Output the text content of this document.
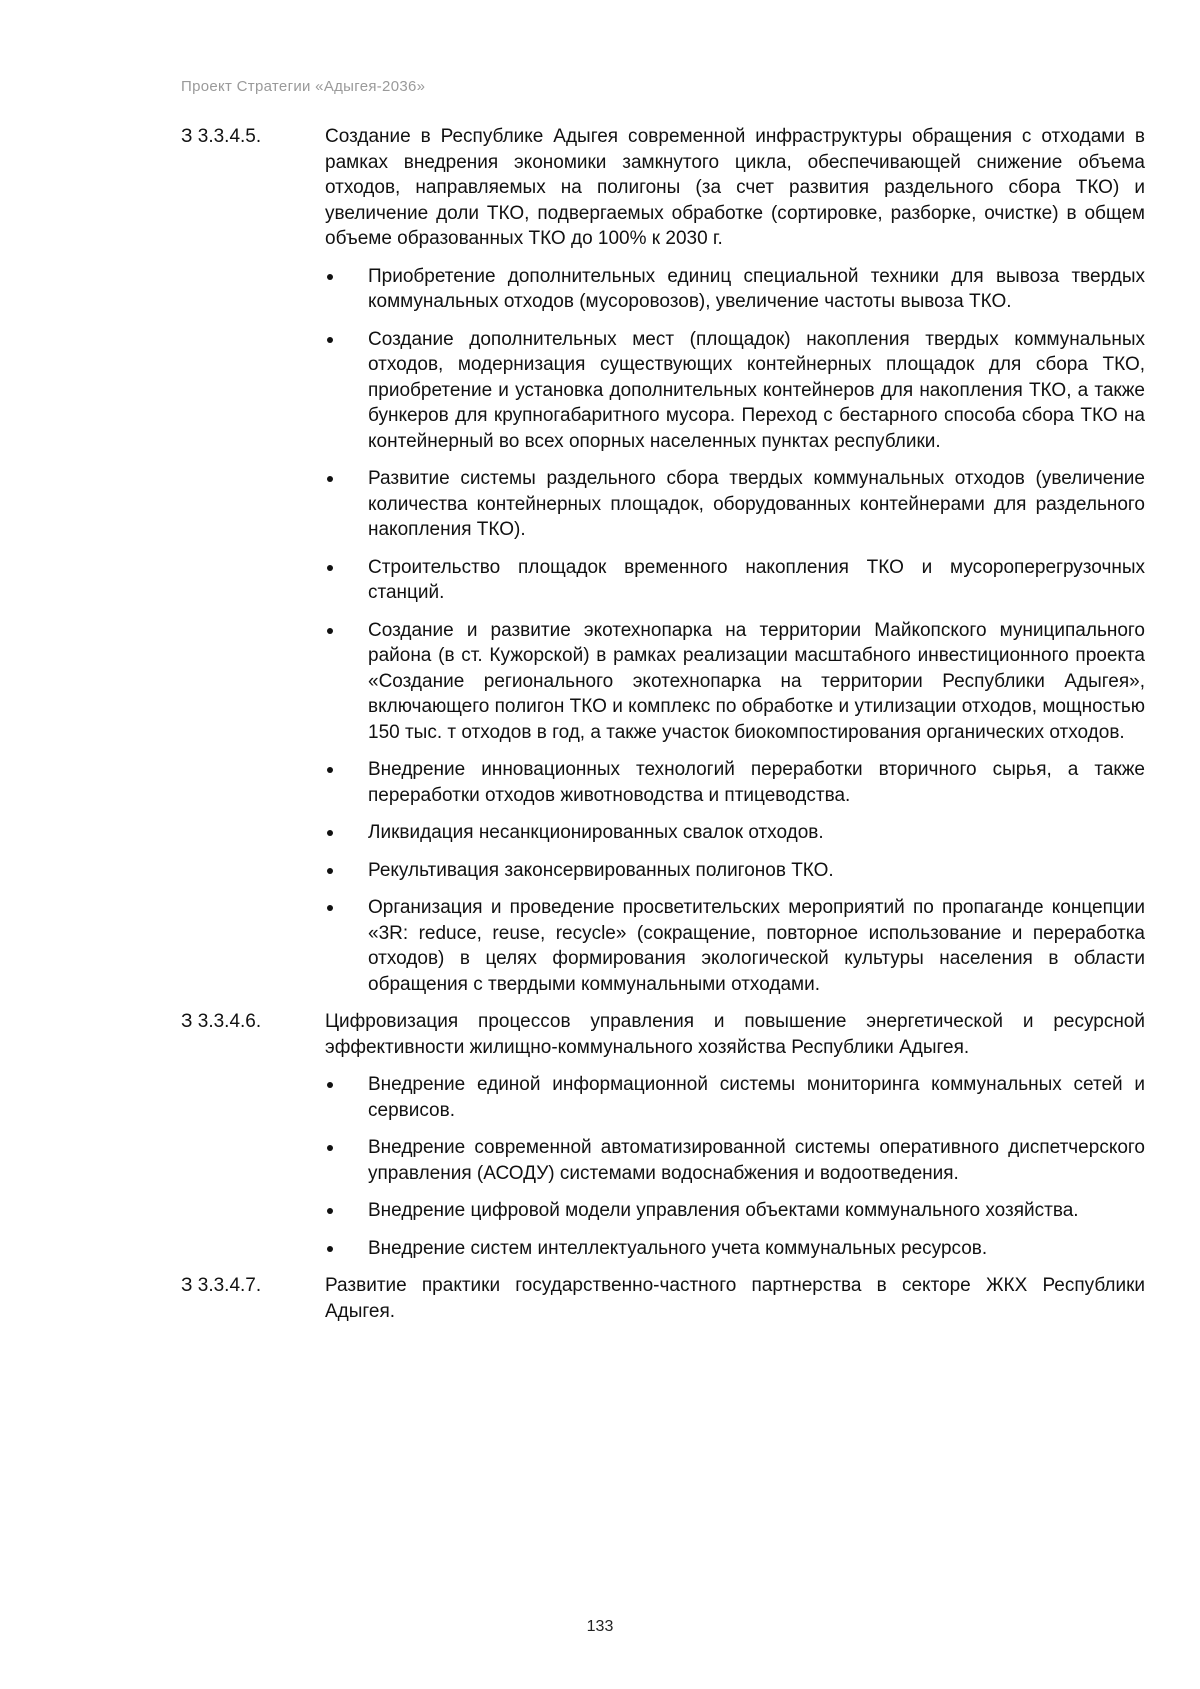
Проект Стратегии «Адыгея-2036»
З 3.3.4.5.	Создание в Республике Адыгея современной инфраструктуры обращения с отходами в рамках внедрения экономики замкнутого цикла, обеспечивающей снижение объема отходов, направляемых на полигоны (за счет развития раздельного сбора ТКО) и увеличение доли ТКО, подвергаемых обработке (сортировке, разборке, очистке) в общем объеме образованных ТКО до 100% к 2030 г.
Приобретение дополнительных единиц специальной техники для вывоза твердых коммунальных отходов (мусоровозов), увеличение частоты вывоза ТКО.
Создание дополнительных мест (площадок) накопления твердых коммунальных отходов, модернизация существующих контейнерных площадок для сбора ТКО, приобретение и установка дополнительных контейнеров для накопления ТКО, а также бункеров для крупногабаритного мусора. Переход с бестарного способа сбора ТКО на контейнерный во всех опорных населенных пунктах республики.
Развитие системы раздельного сбора твердых коммунальных отходов (увеличение количества контейнерных площадок, оборудованных контейнерами для раздельного накопления ТКО).
Строительство площадок временного накопления ТКО и мусороперегрузочных станций.
Создание и развитие экотехнопарка на территории Майкопского муниципального района (в ст. Кужорской) в рамках реализации масштабного инвестиционного проекта «Создание регионального экотехнопарка на территории Республики Адыгея», включающего полигон ТКО и комплекс по обработке и утилизации отходов, мощностью 150 тыс. т отходов в год, а также участок биокомпостирования органических отходов.
Внедрение инновационных технологий переработки вторичного сырья, а также переработки отходов животноводства и птицеводства.
Ликвидация несанкционированных свалок отходов.
Рекультивация законсервированных полигонов ТКО.
Организация и проведение просветительских мероприятий по пропаганде концепции «3R: reduce, reuse, recycle» (сокращение, повторное использование и переработка отходов) в целях формирования экологической культуры населения в области обращения с твердыми коммунальными отходами.
З 3.3.4.6.	Цифровизация процессов управления и повышение энергетической и ресурсной эффективности жилищно-коммунального хозяйства Республики Адыгея.
Внедрение единой информационной системы мониторинга коммунальных сетей и сервисов.
Внедрение современной автоматизированной системы оперативного диспетчерского управления (АСОДУ) системами водоснабжения и водоотведения.
Внедрение цифровой модели управления объектами коммунального хозяйства.
Внедрение систем интеллектуального учета коммунальных ресурсов.
З 3.3.4.7.	Развитие практики государственно-частного партнерства в секторе ЖКХ Республики Адыгея.
133
